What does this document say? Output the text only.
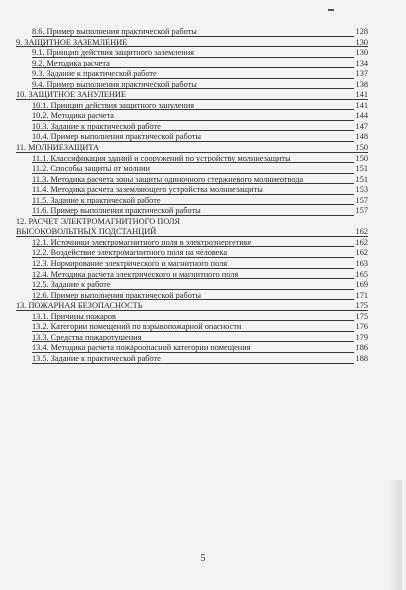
8.6. Пример выполнения практической работы	128
9. ЗАЩИТНОЕ ЗАЗЕМЛЕНИЕ	130
9.1. Принцип действия защитного заземления	130
9.2. Методика расчета	134
9.3. Задание к практической работе	137
9.4. Пример выполнения практической работы	138
10. ЗАЩИТНОЕ ЗАНУЛЕНИЕ	141
10.1. Принцип действия защитного зануления	141
10.2. Методика расчета	144
10.3. Задание к практической работе	147
10.4. Пример выполнения практической работы	148
11. МОЛНИЕЗАЩИТА	150
11.1. Классификация зданий и сооружений по устройству молниезащиты	150
11.2. Способы защиты от молнии	151
11.3. Методика расчета зоны защиты одиночного стержневого молниеотвода	151
11.4. Методика расчета заземляющего устройства молниезащиты	153
11.5. Задание к практической работе	157
11.6. Пример выполнения практической работы	157
12. РАСЧЕТ ЭЛЕКТРОМАГНИТНОГО ПОЛЯ
ВЫСОКОВОЛЬТНЫХ ПОДСТАНЦИЙ	162
12.1. Источники электромагнитного поля в электроэнергетике	162
12.2. Воздействие электромагнитного поля на человека	162
12.3. Нормирование электрического и магнитного поля	163
12.4. Методика расчета электрического и магнитного поля	165
12.5. Задание к работе	169
12.6. Пример выполнения практической работы	171
13. ПОЖАРНАЯ БЕЗОПАСНОСТЬ	175
13.1. Причины пожаров	175
13.2. Категории помещений по взрывопожарной опасности	176
13.3. Средства пожаротушения	179
13.4. Методика расчета пожароопасной категории помещения	186
13.5. Задание к практической работе	188
5
